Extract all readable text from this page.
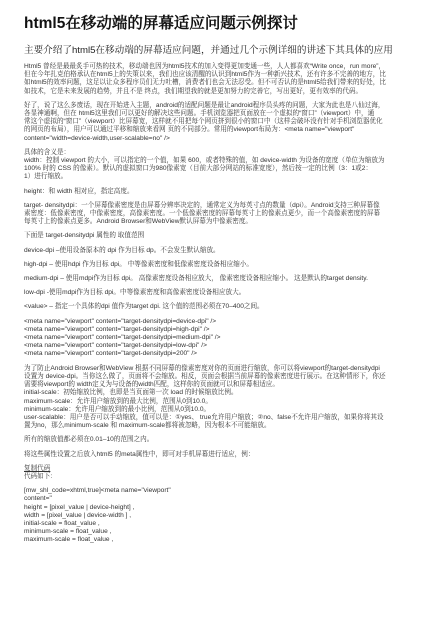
html5在移动端的屏幕适应问题示例探讨

主要介绍了html5在移动端的屏幕适应问题，并通过几个示例详细的讲述下其具体的应用

Html5 曾经是最最炙手可热的技术，移动端也因为html5技术的加入变得更加变通一些，人人都喜欢“Write once，run more”，
但在今年扎克伯格承认在html5上的失策以来，我们也应该清醒的认识到html5作为一种新兴技术，还有许多不完善的地方，比
如html5的效率问题，这足以让众多程序员们无力吐槽，消费者们也会无法忍受。但不可否认的是html5给我们带来的好处，比
如技术，它是未来发展的趋势，并且不是 终点，我们期望我的就是更加努力的完善它，写出更好，更有效率的代码。
好了，说了这么多废话，现在开始进入主题，android的适配问题是最让android程序员头疼的问题，大家为此也是八仙过海，
各显神通啊，但在 html5这里我们可以更好的解决这些问题。手机浏览器把页面放在一个虚拟的“窗口”（viewport）中，通
常这个虚拟的“窗口”（viewport）比屏幕宽，这样就不用把每个网页挤到很小的窗口中（这样会破坏没有针对手机浏览器优化
的网页的布局），用户可以通过平移和缩放来看网 页的不同部分。常用的viewport布局为：<meta name="viewport"
content="width=device-width,user-scalable=no" />
具体的含义是：
width：控制 viewport 的大小，可以指定的一个值，如果 600，或者特殊的值，如 device-width 为设备的宽度（单位为缩放为
100% 时的 CSS 的像素）。默认的虚拟窗口为980像素宽（目前大部分网站的标准宽度），然后按一定的比例（3：1或2：
1）进行缩放。

height：和 width 相对应，指定高度。

target- densitydpi：一个屏幕像素密度是由屏幕分辨率决定的，通常定义为每英寸点的数量（dpi）。Android支持三种屏幕像
素密度：低像素密度，中像素密度，高像素密度。一个低像素密度的屏幕每英寸上的像素点更少，而一个高像素密度的屏幕
每英寸上的像素点更多。Android Browser和WebView默认屏幕为中像素密度。

下面是 target-densitydpi 属性的 取值范围

device-dpi –使用设备原本的 dpi 作为目标 dp。不会发生默认缩放。

high-dpi – 使用hdpi 作为目标 dpi。 中等像素密度和低像素密度设备相应缩小。

medium-dpi – 使用mdpi作为目标 dpi。 高像素密度设备相应放大， 像素密度设备相应缩小。 这是默认的target density.

low-dpi -使用mdpi作为目标 dpi。中等像素密度和高像素密度设备相应放大。

<value> – 指定一个具体的dpi 值作为target dpi. 这个值的范围必须在70–400之间。

<meta name="viewport" content="target-densitydpi=device-dpi" />
<meta name="viewport" content="target-densitydpi=high-dpi" />
<meta name="viewport" content="target-densitydpi=medium-dpi" />
<meta name="viewport" content="target-densitydpi=low-dpi" />
<meta name="viewport" content="target-densitydpi=200" />
为了防止Android Browser和WebView 根据不同屏幕的像素密度对你的页面进行缩放，你可以将viewport的target-densitydpi
设置为 device-dpi。当你这么做了，页面将不会缩放。相反，页面会根据当前屏幕的像素密度进行展示。在这种情形下，你还
需要将viewport的 width定义为与设备的width匹配，这样你的页面就可以和屏幕相适应。
initial-scale：初始缩放比例，也即是当页面第一次 load 的时候缩放比例。
maximum-scale：允许用户缩放到的最大比例，范围从0到10.0。
minimum-scale：允许用户缩放到的最小比例，范围从0到10.0。
user-scalable：用户是否可以手动缩放，值可以是：①yes、 true允许用户缩放；②no、false不允许用户缩放，如果你将其设
置为no，那么minimum-scale 和 maximum-scale都将被忽略，因为根本不可能缩放。

所有的缩放值都必须在0.01–10的范围之内。

将这些属性设置之后放入html5 的meta属性中，即可对手机屏幕进行适应，例：

复制代码
代码如下:
[mw_shl_code=xhtml,true]<meta name="viewport"
content="
height = [pixel_value | device-height] ,
width = [pixel_value | device-width ] ,
initial-scale = float_value ,
minimum-scale = float_value ,
maximum-scale = float_value ,
